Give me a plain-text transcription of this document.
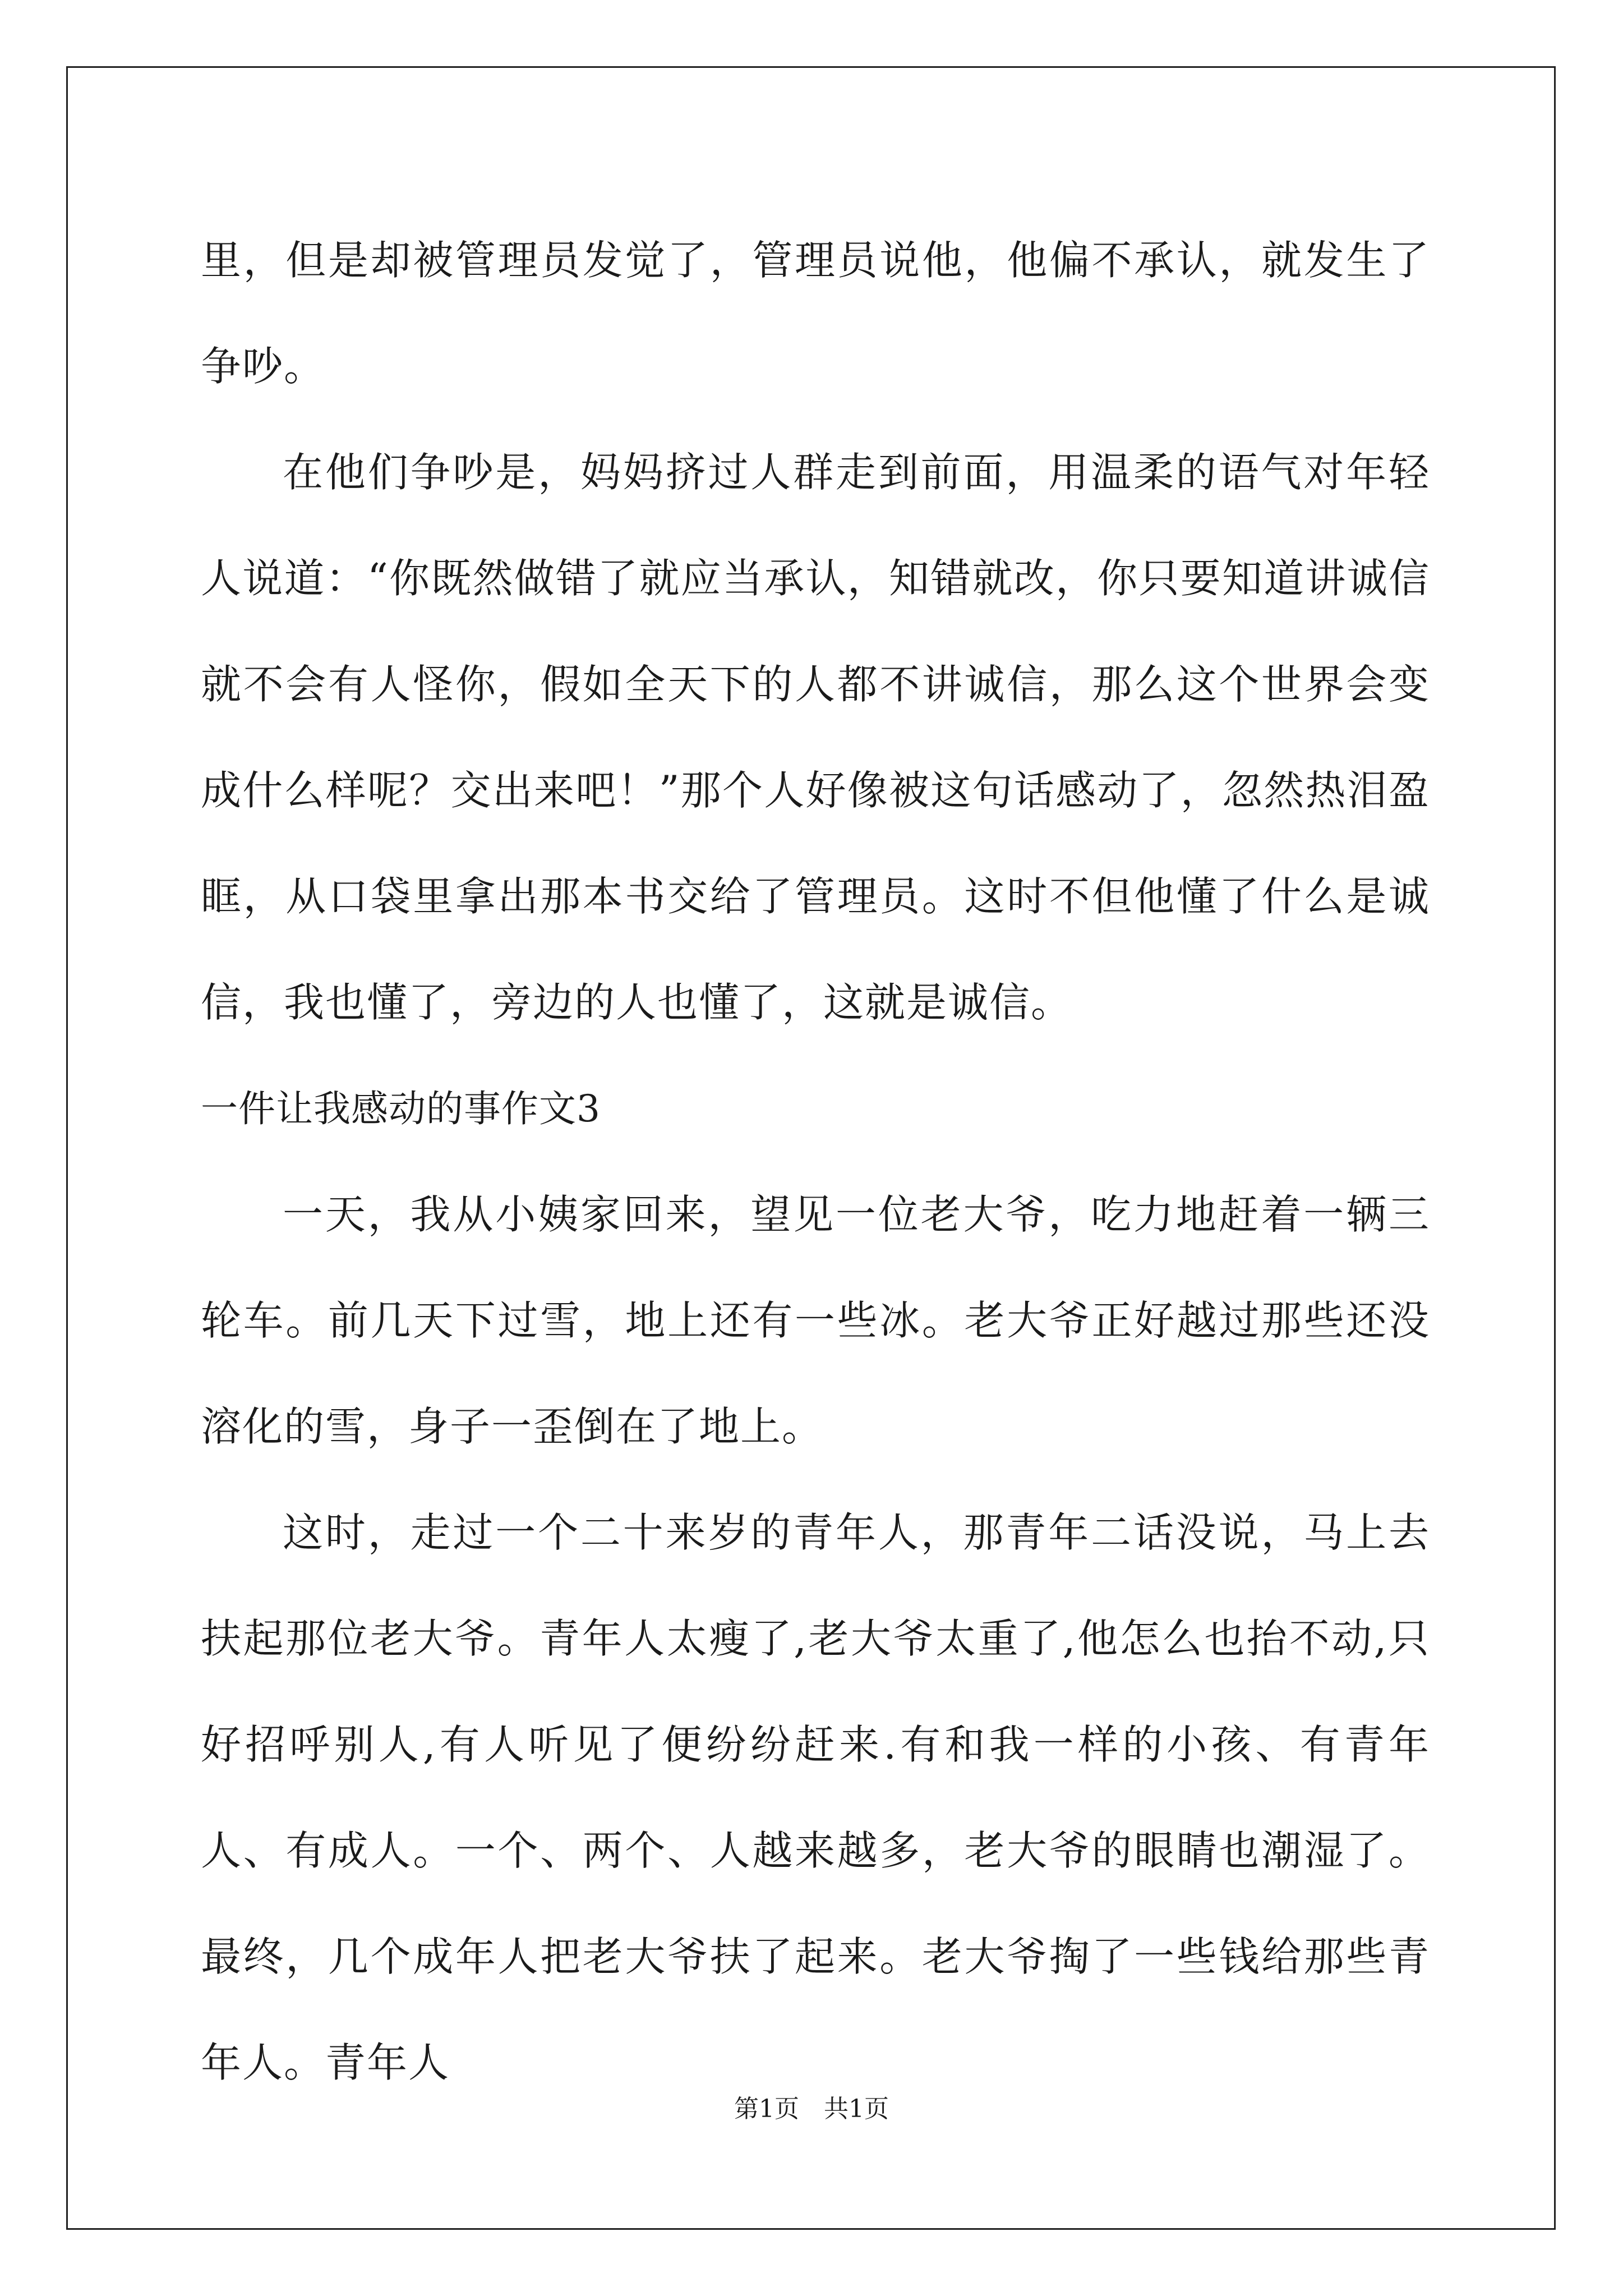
里，但是却被管理员发觉了，管理员说他，他偏不承认，就发生了争吵。

在他们争吵是，妈妈挤过人群走到前面，用温柔的语气对年轻人说道：“你既然做错了就应当承认，知错就改，你只要知道讲诚信就不会有人怪你，假如全天下的人都不讲诚信，那么这个世界会变成什么样呢？交出来吧！”那个人好像被这句话感动了，忽然热泪盈眶，从口袋里拿出那本书交给了管理员。这时不但他懂了什么是诚信，我也懂了，旁边的人也懂了，这就是诚信。

一件让我感动的事作文3

一天，我从小姨家回来，望见一位老大爷，吃力地赶着一辆三轮车。前几天下过雪，地上还有一些冰。老大爷正好越过那些还没溶化的雪，身子一歪倒在了地上。

这时，走过一个二十来岁的青年人，那青年二话没说，马上去扶起那位老大爷。青年人太瘦了,老大爷太重了,他怎么也抬不动,只好招呼别人,有人听见了便纷纷赶来.有和我一样的小孩、有青年人、有成人。一个、两个、人越来越多，老大爷的眼睛也潮湿了。最终，几个成年人把老大爷扶了起来。老大爷掏了一些钱给那些青年人。青年人

第1页　共1页
